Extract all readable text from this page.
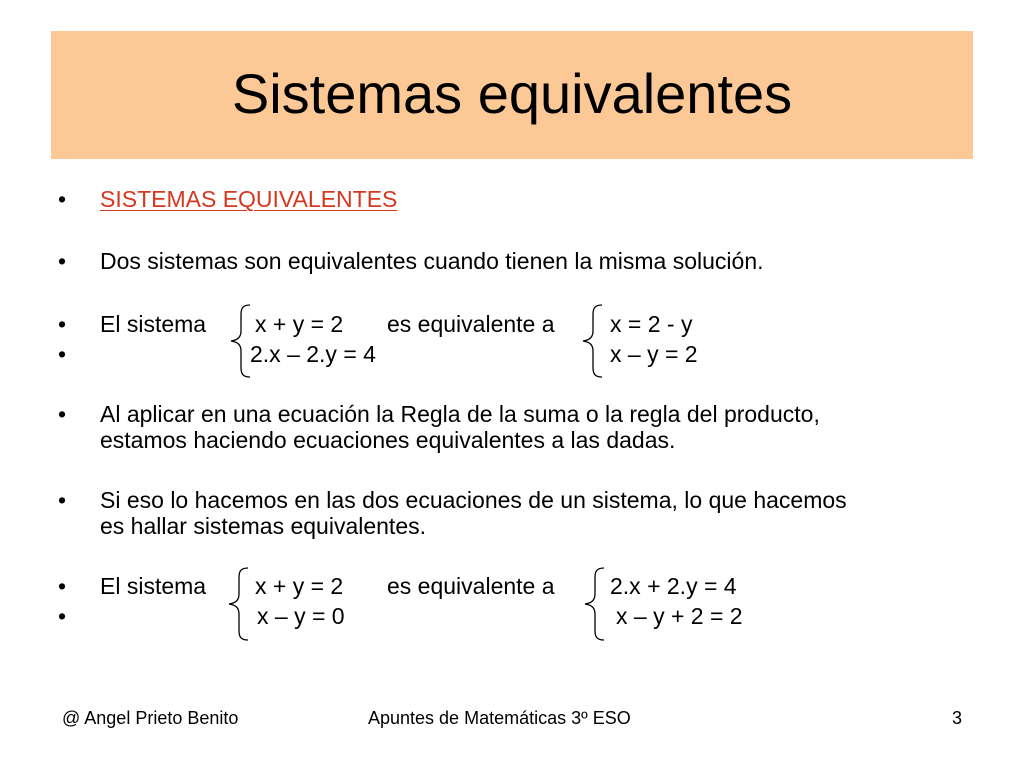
Sistemas equivalentes
• SISTEMAS EQUIVALENTES
• Dos sistemas son equivalentes cuando tienen la misma solución.
•
•
El sistema x + y = 2
2.x – 2.y = 4
es equivalente a x = 2 - y
x – y = 2
• Al aplicar en una ecuación la Regla de la suma o la regla del producto,
estamos haciendo ecuaciones equivalentes a las dadas.
• Si eso lo hacemos en las dos ecuaciones de un sistema, lo que hacemos
es hallar sistemas equivalentes.
•
•
El sistema x + y = 2
x – y = 0
es equivalente a 2.x + 2.y = 4
x – y + 2 = 2
@ Angel Prieto Benito	Apuntes de Matemáticas 3º ESO	3
